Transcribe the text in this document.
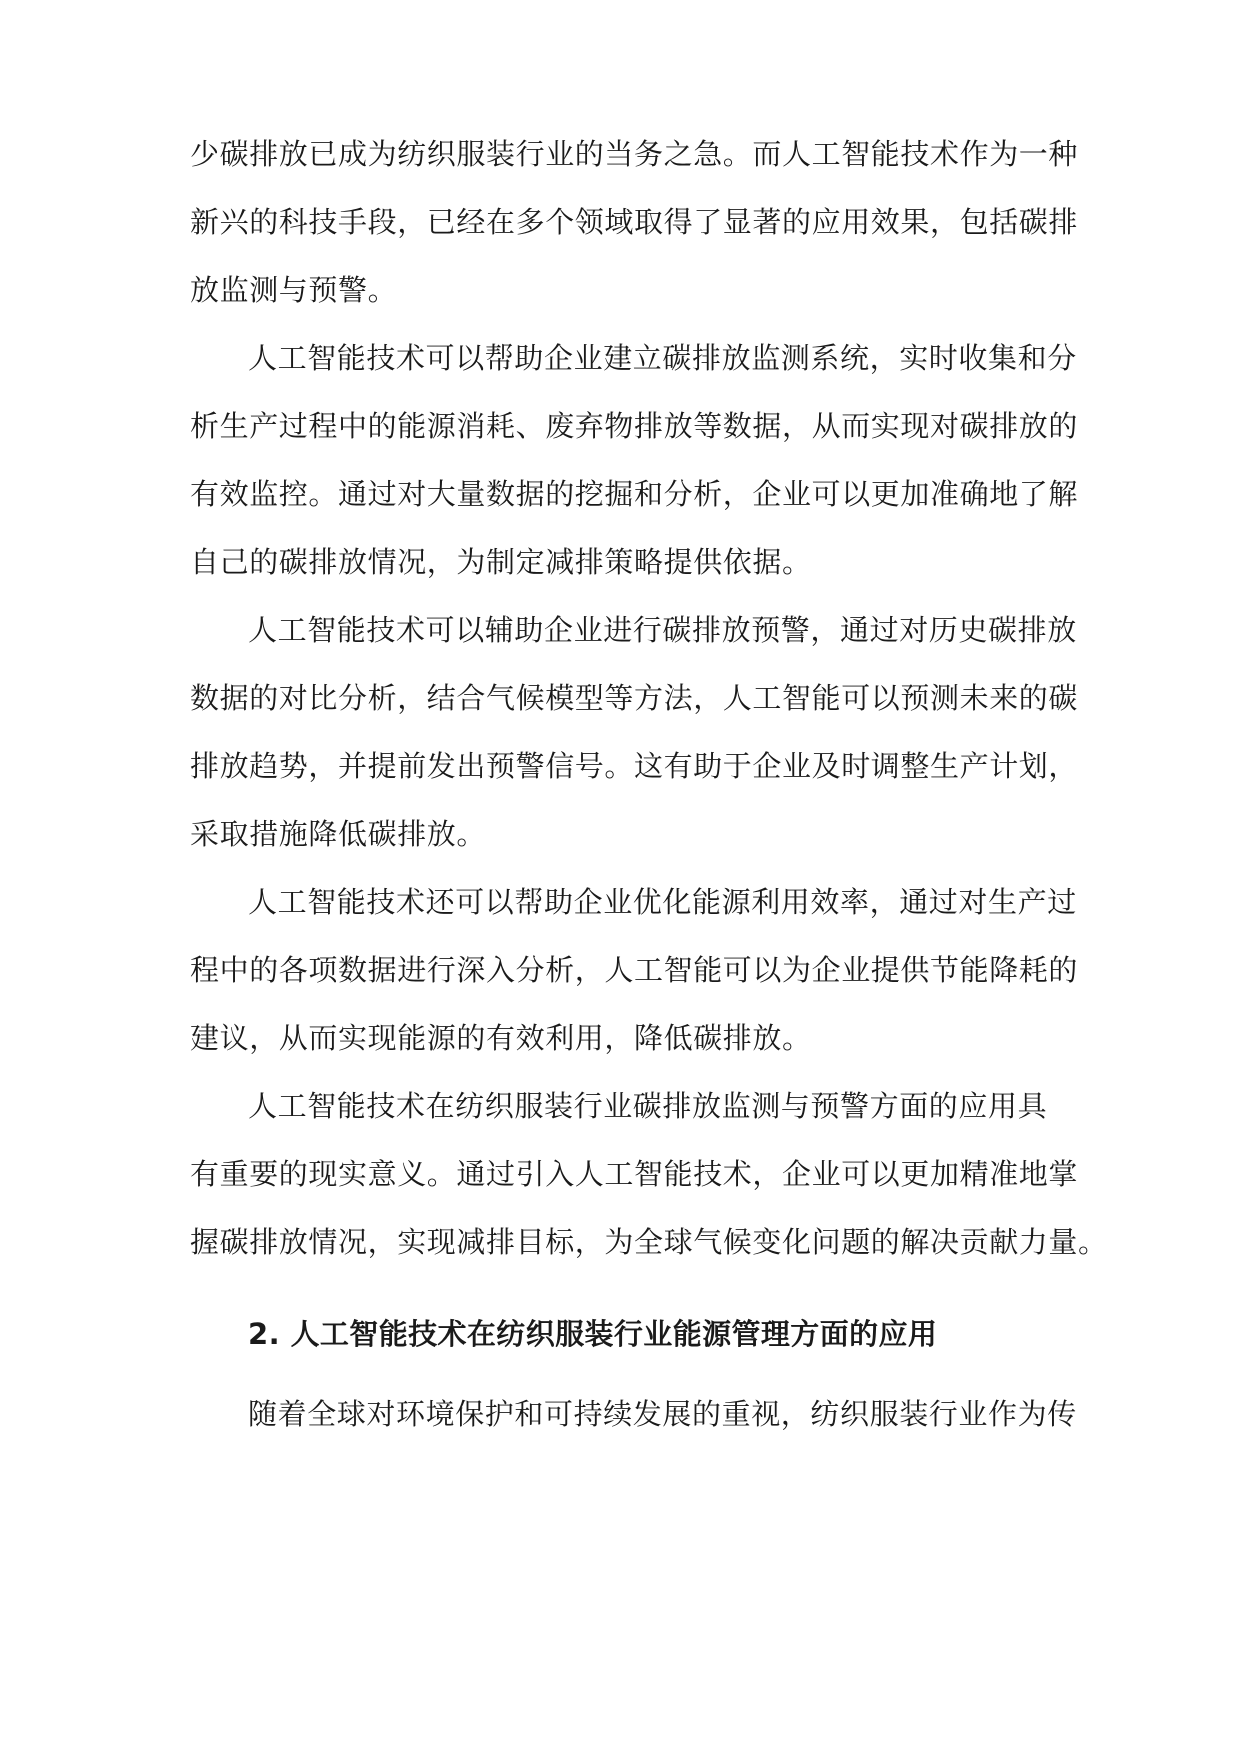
少碳排放已成为纺织服装行业的当务之急。而人工智能技术作为一种
新兴的科技手段，已经在多个领域取得了显著的应用效果，包括碳排
放监测与预警。
人工智能技术可以帮助企业建立碳排放监测系统，实时收集和分
析生产过程中的能源消耗、废弃物排放等数据，从而实现对碳排放的
有效监控。通过对大量数据的挖掘和分析，企业可以更加准确地了解
自己的碳排放情况，为制定减排策略提供依据。
人工智能技术可以辅助企业进行碳排放预警，通过对历史碳排放
数据的对比分析，结合气候模型等方法，人工智能可以预测未来的碳
排放趋势，并提前发出预警信号。这有助于企业及时调整生产计划，
采取措施降低碳排放。
人工智能技术还可以帮助企业优化能源利用效率，通过对生产过
程中的各项数据进行深入分析，人工智能可以为企业提供节能降耗的
建议，从而实现能源的有效利用，降低碳排放。
人工智能技术在纺织服装行业碳排放监测与预警方面的应用具
有重要的现实意义。通过引入人工智能技术，企业可以更加精准地掌
握碳排放情况，实现减排目标，为全球气候变化问题的解决贡献力量。
2. 人工智能技术在纺织服装行业能源管理方面的应用
随着全球对环境保护和可持续发展的重视，纺织服装行业作为传
